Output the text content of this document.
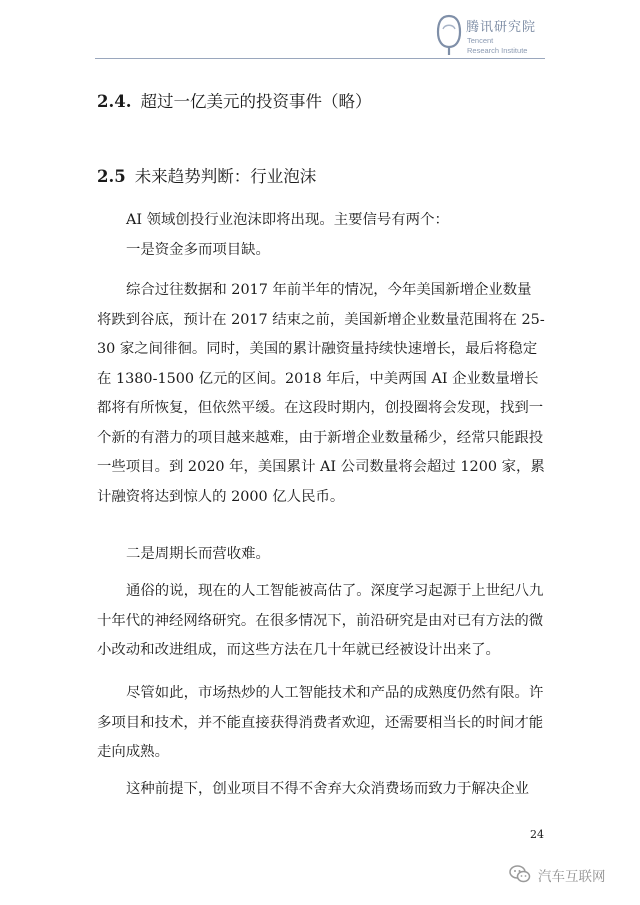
腾讯研究院
Tencent
Research Institute
2.4. 超过一亿美元的投资事件（略）
2.5 未来趋势判断：行业泡沫

AI 领域创投行业泡沫即将出现。主要信号有两个：

一是资金多而项目缺。

综合过往数据和 2017 年前半年的情况，今年美国新增企业数量将跌到谷底，预计在 2017 结束之前，美国新增企业数量范围将在 25-30 家之间徘徊。同时，美国的累计融资量持续快速增长，最后将稳定在 1380-1500 亿元的区间。2018 年后，中美两国 AI 企业数量增长都将有所恢复，但依然平缓。在这段时期内，创投圈将会发现，找到一个新的有潜力的项目越来越难，由于新增企业数量稀少，经常只能跟投一些项目。到 2020 年，美国累计 AI 公司数量将会超过 1200 家，累计融资将达到惊人的 2000 亿人民币。

二是周期长而营收难。

通俗的说，现在的人工智能被高估了。深度学习起源于上世纪八九十年代的神经网络研究。在很多情况下，前沿研究是由对已有方法的微小改动和改进组成，而这些方法在几十年就已经被设计出来了。

尽管如此，市场热炒的人工智能技术和产品的成熟度仍然有限。许多项目和技术，并不能直接获得消费者欢迎，还需要相当长的时间才能走向成熟。

这种前提下，创业项目不得不舍弃大众消费场而致力于解决企业

24
汽车互联网
